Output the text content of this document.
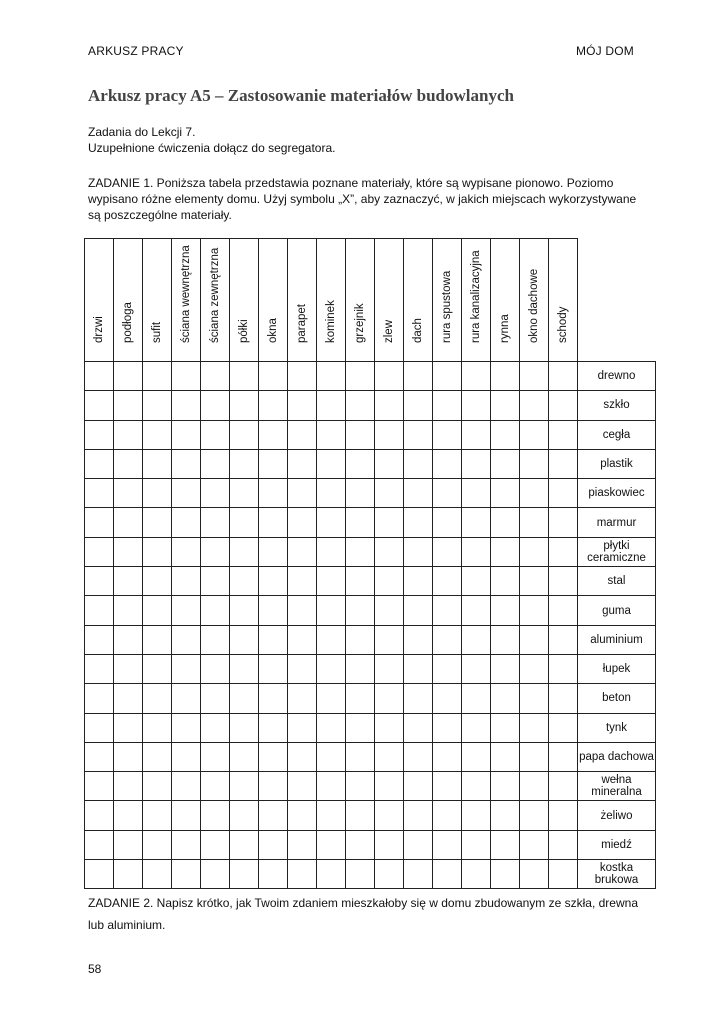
ARKUSZ PRACY	MÓJ DOM
Arkusz pracy A5 – Zastosowanie materiałów budowlanych
Zadania do Lekcji 7.
Uzupełnione ćwiczenia dołącz do segregatora.
ZADANIE 1. Poniższa tabela przedstawia poznane materiały, które są wypisane pionowo. Poziomo wypisano różne elementy domu. Użyj symbolu „X”, aby zaznaczyć, w jakich miejscach wykorzystywane są poszczególne materiały.
drzwi	podłoga	sufit	ściana wewnętrzna	ściana zewnętrzna	półki	okna	parapet	kominek	grzejnik	zlew	dach	rura spustowa	rura kanalizacyjna	rynna	okno dachowe	schody	

																	drewno
																	szkło
																	cegła
																	plastik
																	piaskowiec
																	marmur
																	płytki ceramiczne
																	stal
																	guma
																	aluminium
																	łupek
																	beton
																	tynk
																	papa dachowa
																	wełna mineralna
																	żeliwo
																	miedź
																	kostka brukowa
ZADANIE 2. Napisz krótko, jak Twoim zdaniem mieszkałoby się w domu zbudowanym ze szkła, drewna lub aluminium.
58
